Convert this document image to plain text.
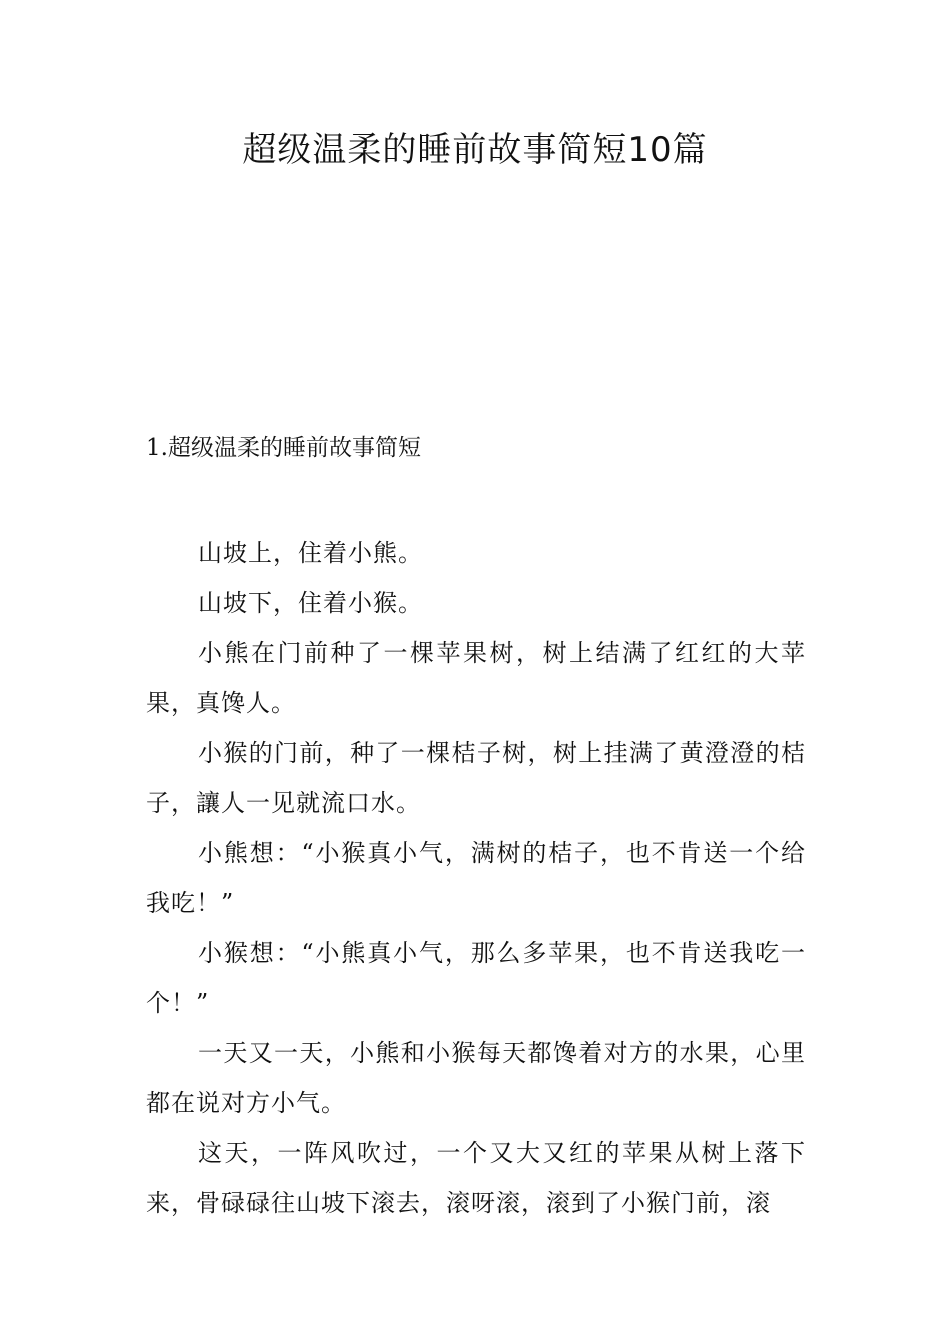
超级温柔的睡前故事简短10篇
1.超级温柔的睡前故事简短

山坡上，住着小熊。

山坡下，住着小猴。

小熊在门前种了一棵苹果树，树上结满了红红的大苹果，真馋人。

小猴的门前，种了一棵桔子树，树上挂满了黄澄澄的桔子，讓人一见就流口水。

小熊想：“小猴真小气，满树的桔子，也不肯送一个给我吃！”

小猴想：“小熊真小气，那么多苹果，也不肯送我吃一个！”

一天又一天，小熊和小猴每天都馋着对方的水果，心里都在说对方小气。

这天，一阵风吹过，一个又大又红的苹果从树上落下来，骨碌碌往山坡下滚去，滚呀滚，滚到了小猴门前，滚
